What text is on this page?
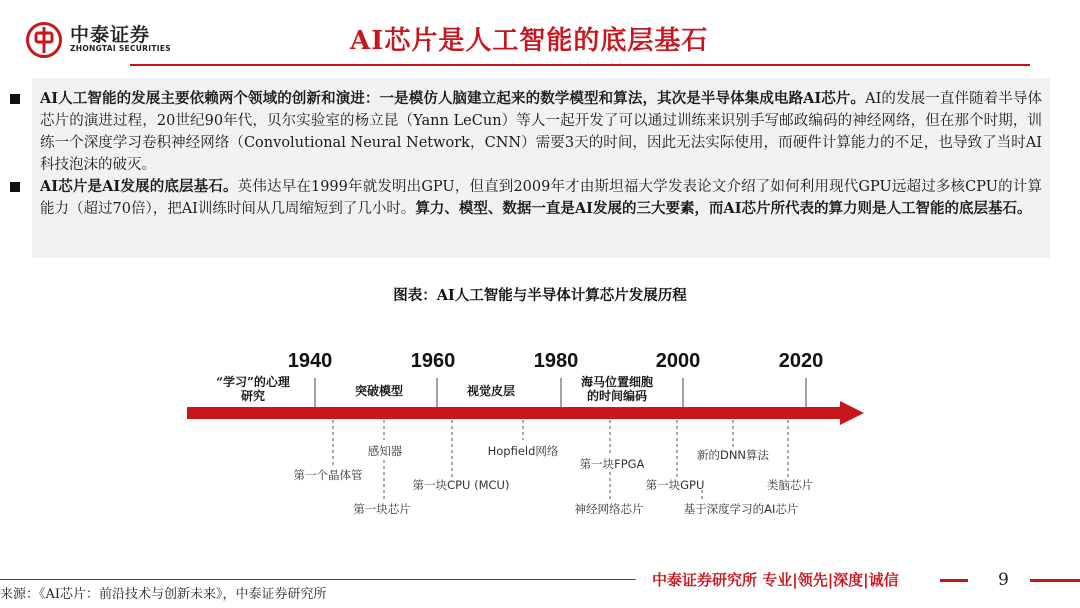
中泰证券
ZHONGTAI SECURITIES	AI芯片是人工智能的底层基石
AI人工智能的发展主要依赖两个领域的创新和演进：一是模仿人脑建立起来的数学模型和算法，其次是半导体集成电路AI芯片。AI的发展一直伴随着半导体芯片的演进过程，20世纪90年代，贝尔实验室的杨立昆（Yann LeCun）等人一起开发了可以通过训练来识别手写邮政编码的神经网络，但在那个时期，训练一个深度学习卷积神经网络（Convolutional Neural Network，CNN）需要3天的时间，因此无法实际使用，而硬件计算能力的不足，也导致了当时AI科技泡沫的破灭。
AI芯片是AI发展的底层基石。英伟达早在1999年就发明出GPU，但直到2009年才由斯坦福大学发表论文介绍了如何利用现代GPU远超过多核CPU的计算能力（超过70倍），把AI训练时间从几周缩短到了几小时。算力、模型、数据一直是AI发展的三大要素，而AI芯片所代表的算力则是人工智能的底层基石。
图表：AI人工智能与半导体计算芯片发展历程
1940	1960	1980	2000	2020
“学习”的心理
研究	突破模型	视觉皮层
海马位置细胞
的时间编码
第一个晶体管
感知器
第一块芯片
第一块CPU (MCU)
Hopfield网络
第一块FPGA
神经网络芯片
第一块GPU
新的DNN算法
基于深度学习的AI芯片
类脑芯片
中泰证券研究所 专业|领先|深度|诚信	9
来源：《AI芯片：前沿技术与创新未来》，中泰证券研究所
